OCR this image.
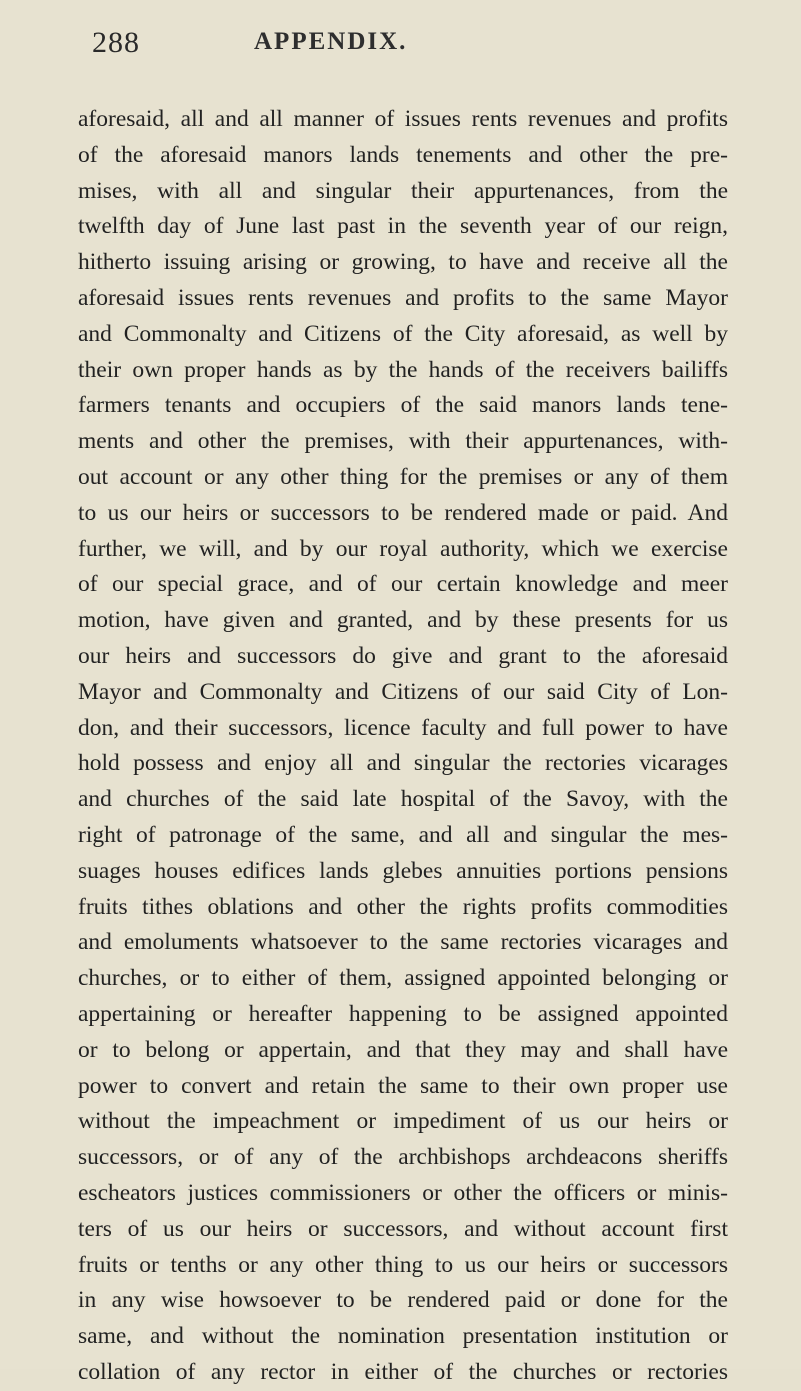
288	APPENDIX.
aforesaid, all and all manner of issues rents revenues and profits
of the aforesaid manors lands tenements and other the pre-
mises, with all and singular their appurtenances, from the
twelfth day of June last past in the seventh year of our reign,
hitherto issuing arising or growing, to have and receive all the
aforesaid issues rents revenues and profits to the same Mayor
and Commonalty and Citizens of the City aforesaid, as well by
their own proper hands as by the hands of the receivers bailiffs
farmers tenants and occupiers of the said manors lands tene-
ments and other the premises, with their appurtenances, with-
out account or any other thing for the premises or any of them
to us our heirs or successors to be rendered made or paid. And
further, we will, and by our royal authority, which we exercise
of our special grace, and of our certain knowledge and meer
motion, have given and granted, and by these presents for us
our heirs and successors do give and grant to the aforesaid
Mayor and Commonalty and Citizens of our said City of Lon-
don, and their successors, licence faculty and full power to have
hold possess and enjoy all and singular the rectories vicarages
and churches of the said late hospital of the Savoy, with the
right of patronage of the same, and all and singular the mes-
suages houses edifices lands glebes annuities portions pensions
fruits tithes oblations and other the rights profits commodities
and emoluments whatsoever to the same rectories vicarages and
churches, or to either of them, assigned appointed belonging or
appertaining or hereafter happening to be assigned appointed
or to belong or appertain, and that they may and shall have
power to convert and retain the same to their own proper use
without the impeachment or impediment of us our heirs or
successors, or of any of the archbishops archdeacons sheriffs
escheators justices commissioners or other the officers or minis-
ters of us our heirs or successors, and without account first
fruits or tenths or any other thing to us our heirs or successors
in any wise howsoever to be rendered paid or done for the
same, and without the nomination presentation institution or
collation of any rector in either of the churches or rectories
